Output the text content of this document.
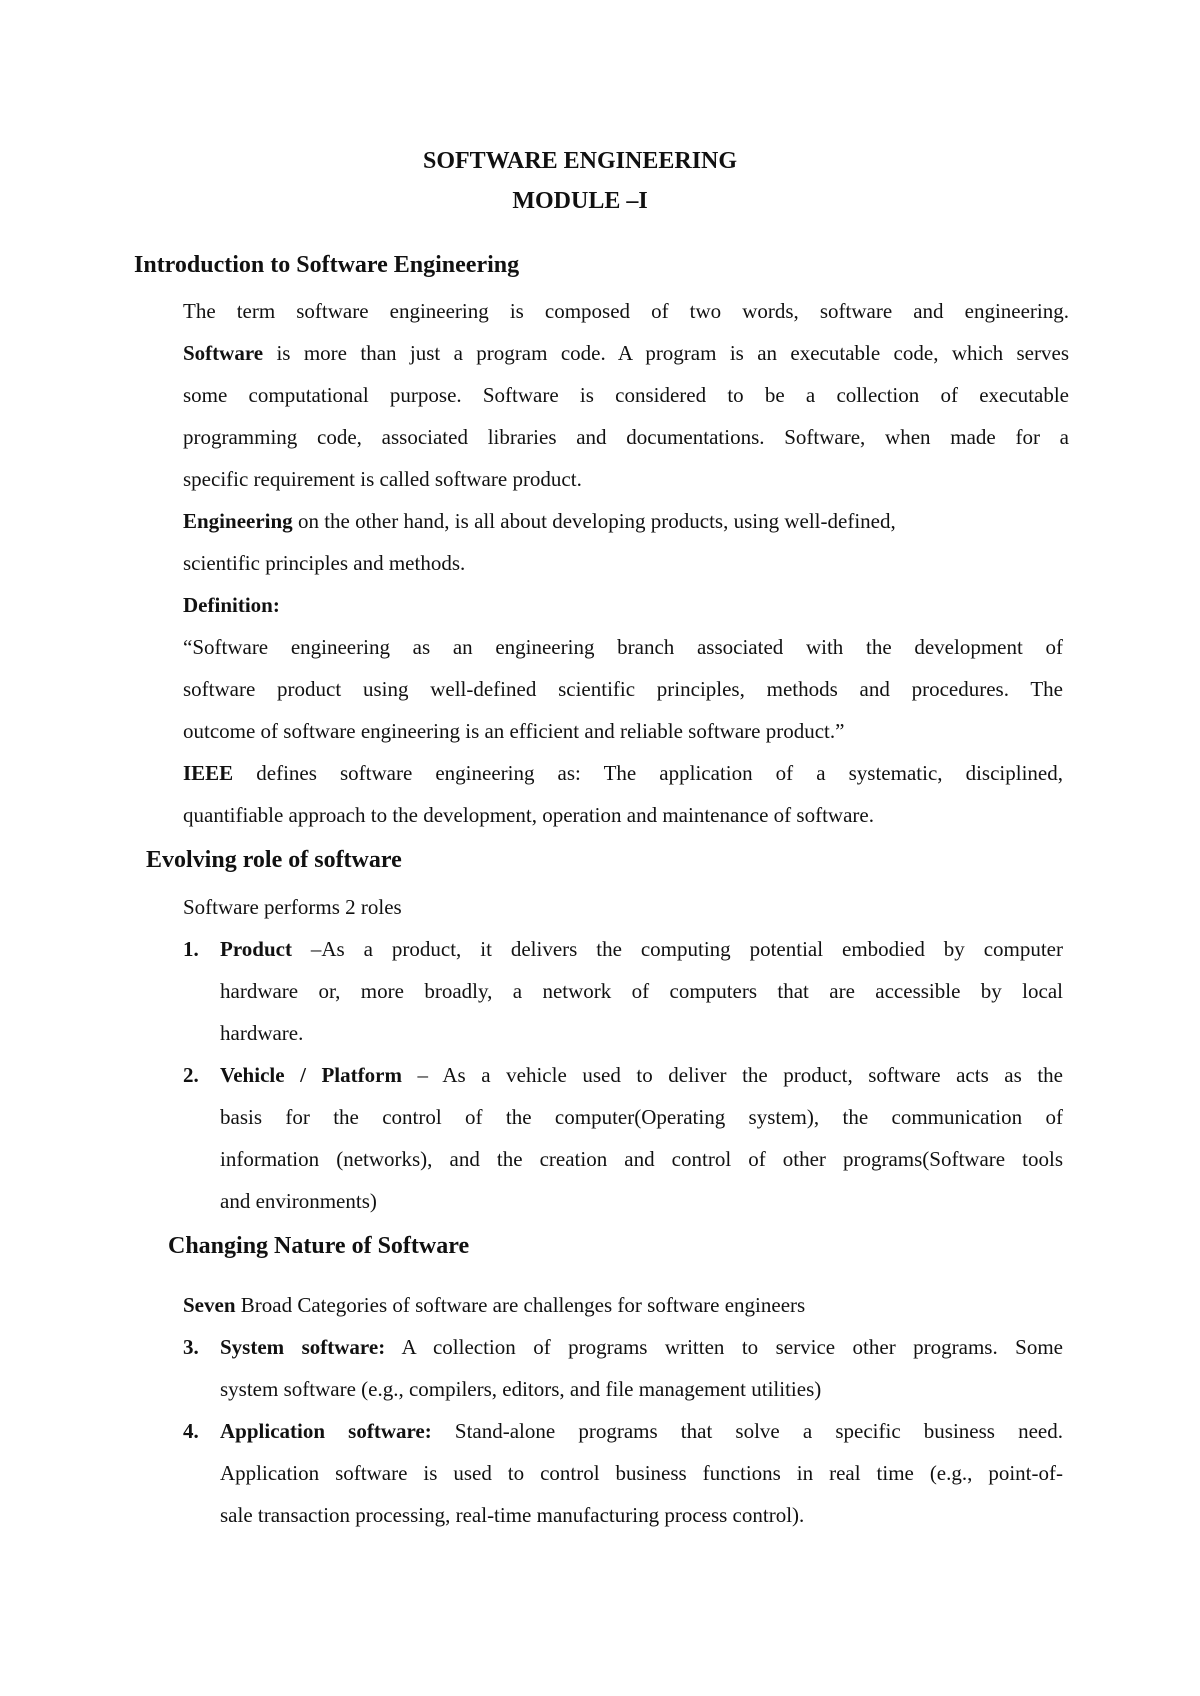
SOFTWARE ENGINEERING
MODULE –I
Introduction to Software Engineering
The term software engineering is composed of two words, software and engineering.
Software is more than just a program code. A program is an executable code, which serves
some computational purpose. Software is considered to be a collection of executable
programming code, associated libraries and documentations. Software, when made for a
specific requirement is called software product.
Engineering on the other hand, is all about developing products, using well-defined,
scientific principles and methods.
Definition:
“Software engineering as an engineering branch associated with the development of
software product using well-defined scientific principles, methods and procedures. The
outcome of software engineering is an efficient and reliable software product.”
IEEE defines software engineering as: The application of a systematic, disciplined,
quantifiable approach to the development, operation and maintenance of software.
Evolving role of software
Software performs 2 roles
1. Product –As a product, it delivers the computing potential embodied by computer
hardware or, more broadly, a network of computers that are accessible by local
hardware.
2. Vehicle / Platform – As a vehicle used to deliver the product, software acts as the
basis for the control of the computer(Operating system), the communication of
information (networks), and the creation and control of other programs(Software tools
and environments)
Changing Nature of Software
Seven Broad Categories of software are challenges for software engineers
3. System software: A collection of programs written to service other programs. Some
system software (e.g., compilers, editors, and file management utilities)
4. Application software: Stand-alone programs that solve a specific business need.
Application software is used to control business functions in real time (e.g., point-of-
sale transaction processing, real-time manufacturing process control).
